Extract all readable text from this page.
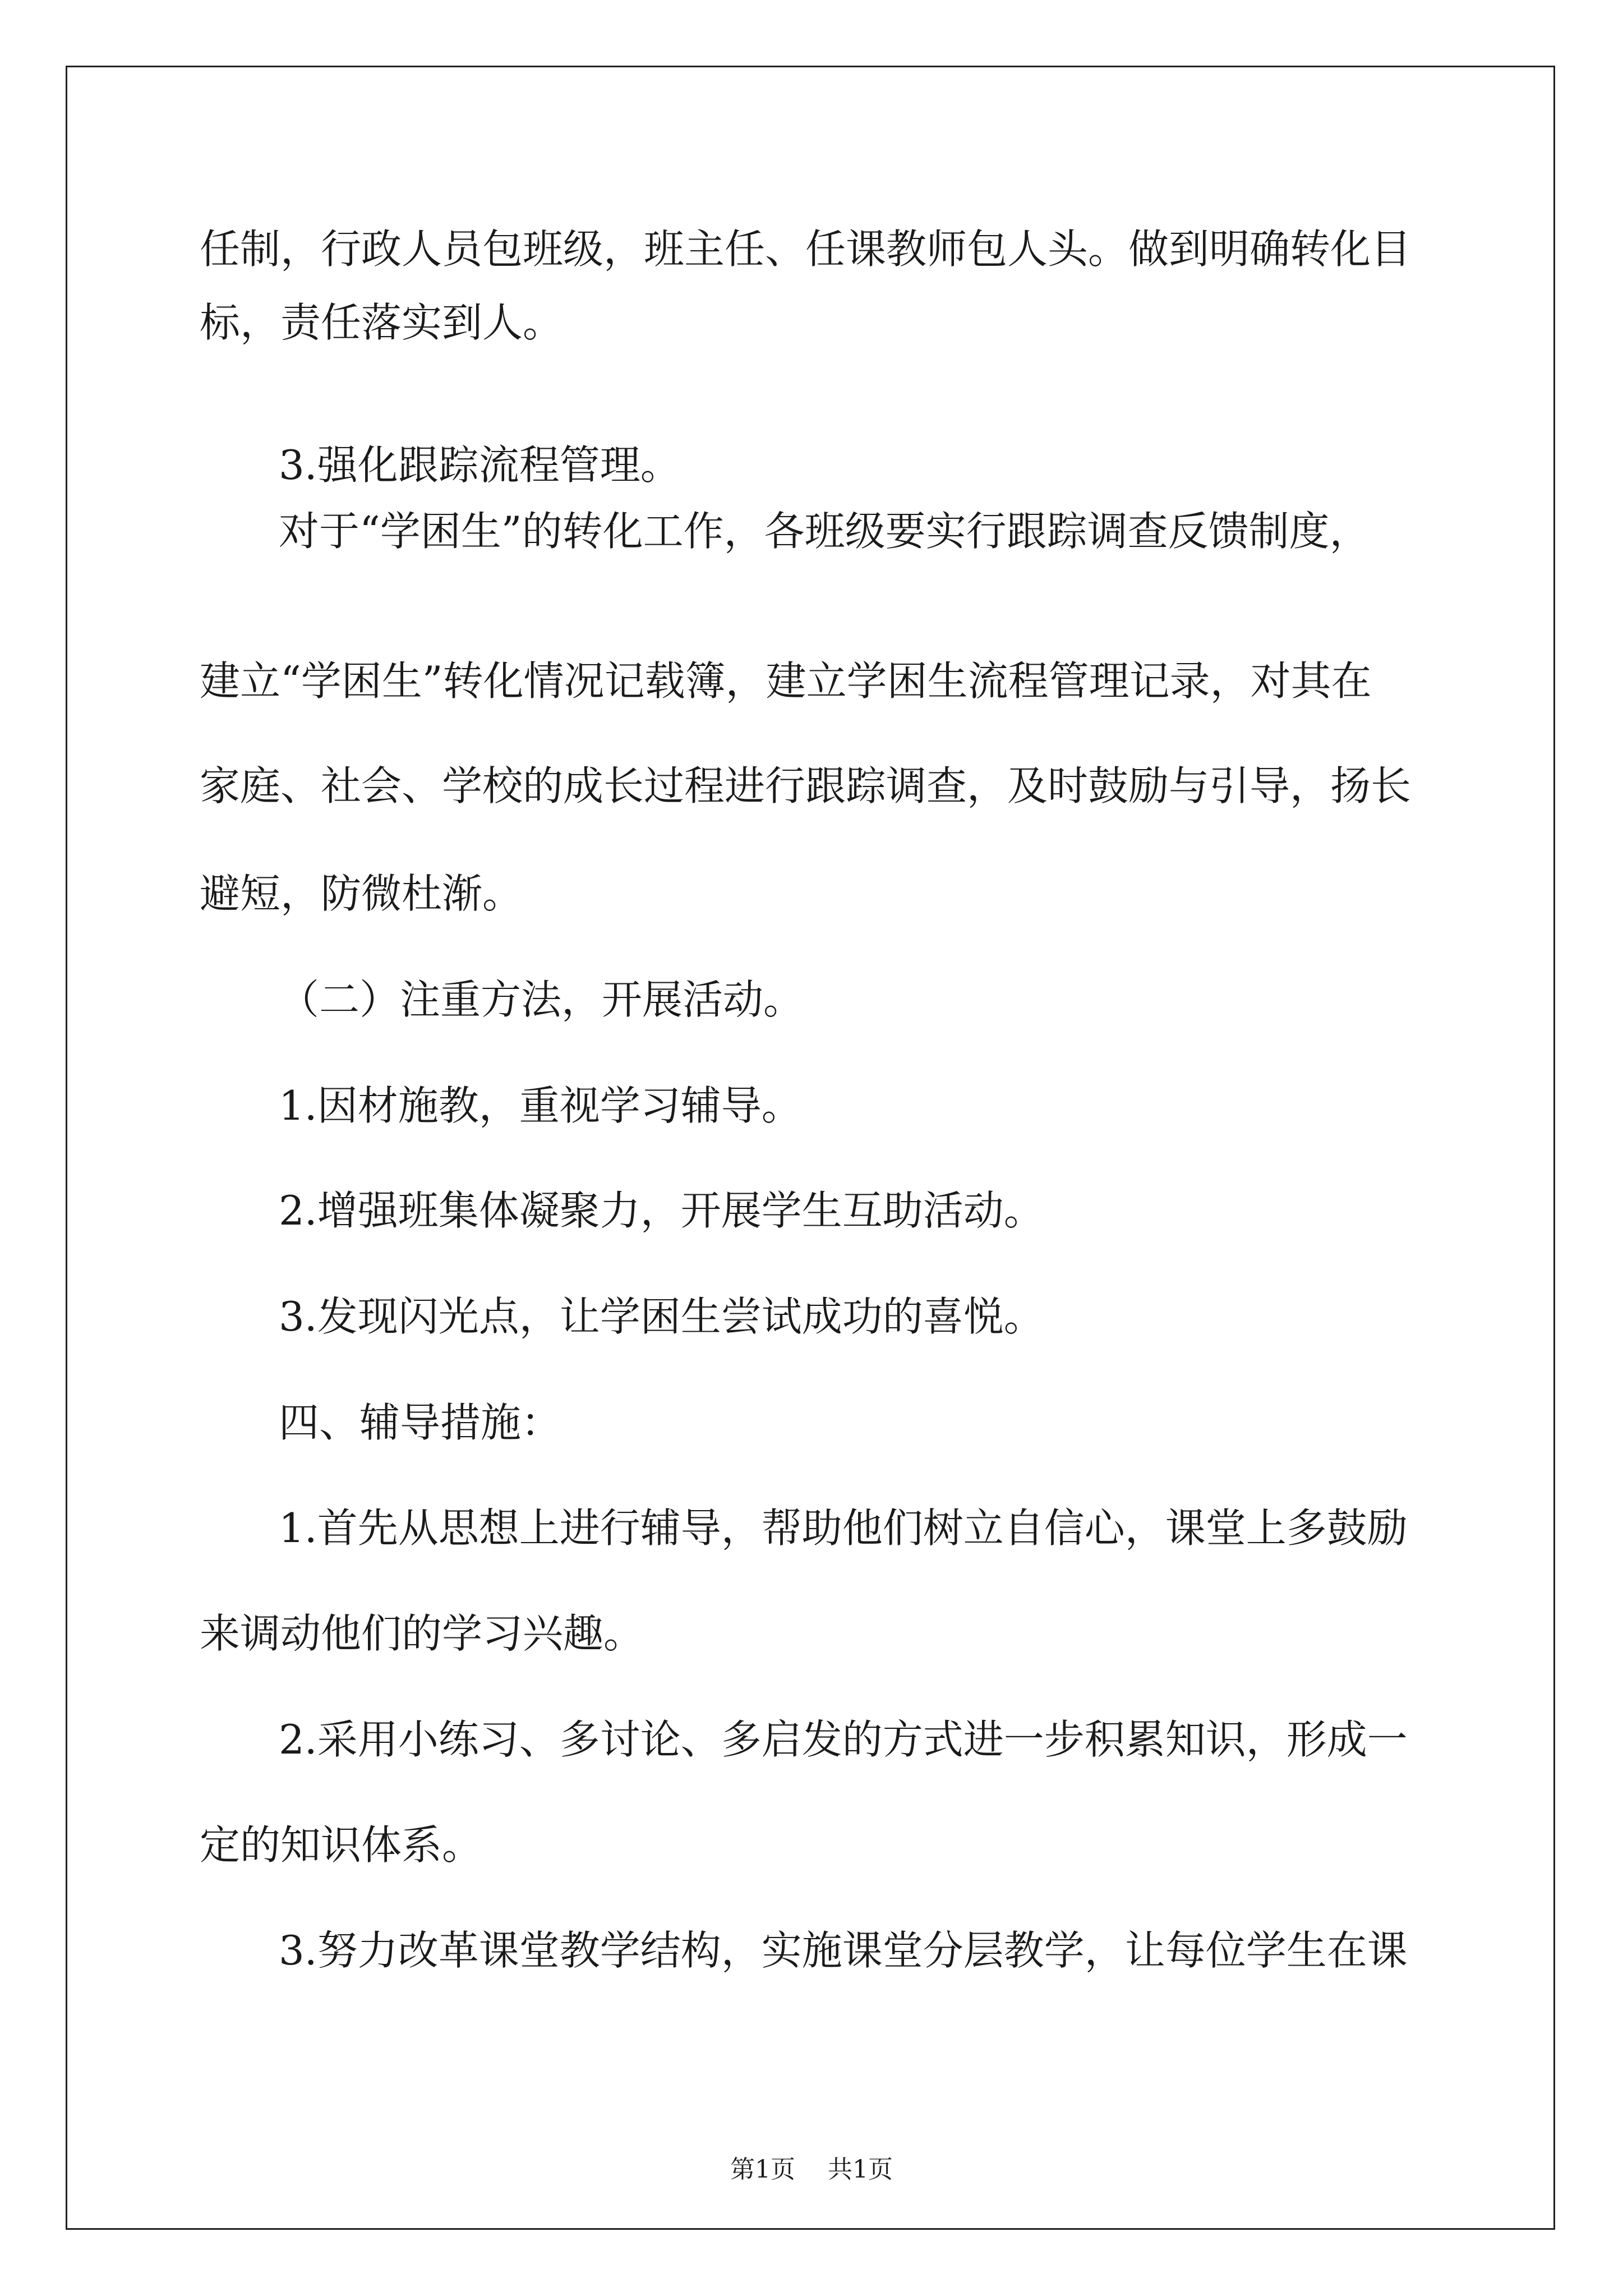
任制，行政人员包班级，班主任、任课教师包人头。做到明确转化目
标，责任落实到人。
3.强化跟踪流程管理。
对于“学困生”的转化工作，各班级要实行跟踪调查反馈制度，
建立“学困生”转化情况记载簿，建立学困生流程管理记录，对其在
家庭、社会、学校的成长过程进行跟踪调查，及时鼓励与引导，扬长
避短，防微杜渐。
（二）注重方法，开展活动。
1.因材施教，重视学习辅导。
2.增强班集体凝聚力，开展学生互助活动。
3.发现闪光点，让学困生尝试成功的喜悦。
四、辅导措施：
1.首先从思想上进行辅导，帮助他们树立自信心，课堂上多鼓励
来调动他们的学习兴趣。
2.采用小练习、多讨论、多启发的方式进一步积累知识，形成一
定的知识体系。
3.努力改革课堂教学结构，实施课堂分层教学，让每位学生在课
第1页 共1页
